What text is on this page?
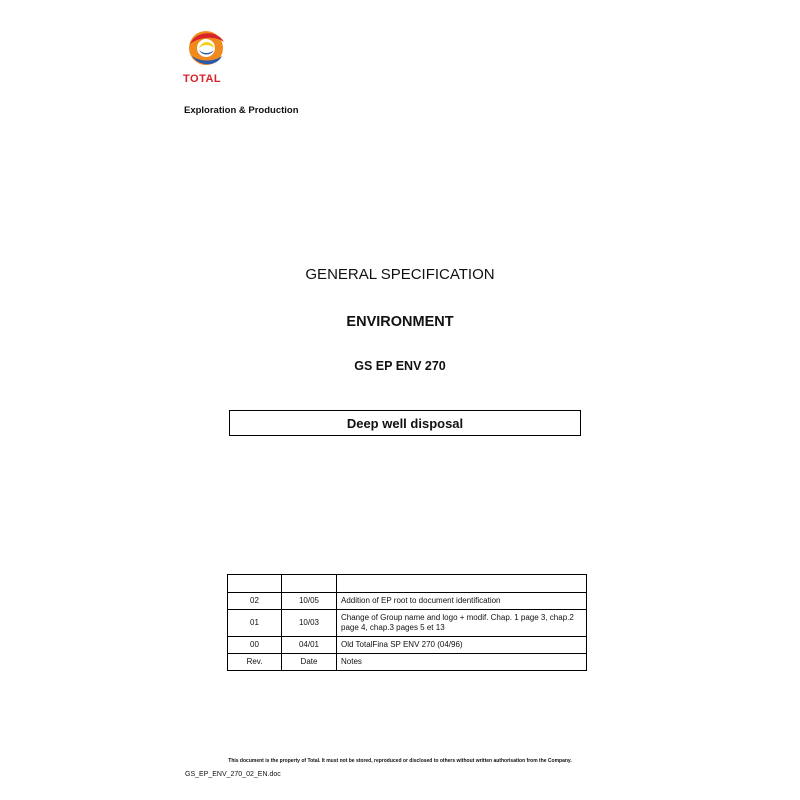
TOTAL
Exploration & Production
GENERAL SPECIFICATION
ENVIRONMENT
GS EP ENV 270
Deep well disposal

02	10/05	Addition of EP root to document identification
01	10/03	Change of Group name and logo + modif. Chap. 1 page 3, chap.2 page 4, chap.3 pages 5 et 13
00	04/01	Old TotalFina SP ENV 270 (04/96)
Rev.	Date	Notes
This document is the property of Total. It must not be stored, reproduced or disclosed to others without written authorisation from the Company.
GS_EP_ENV_270_02_EN.doc
